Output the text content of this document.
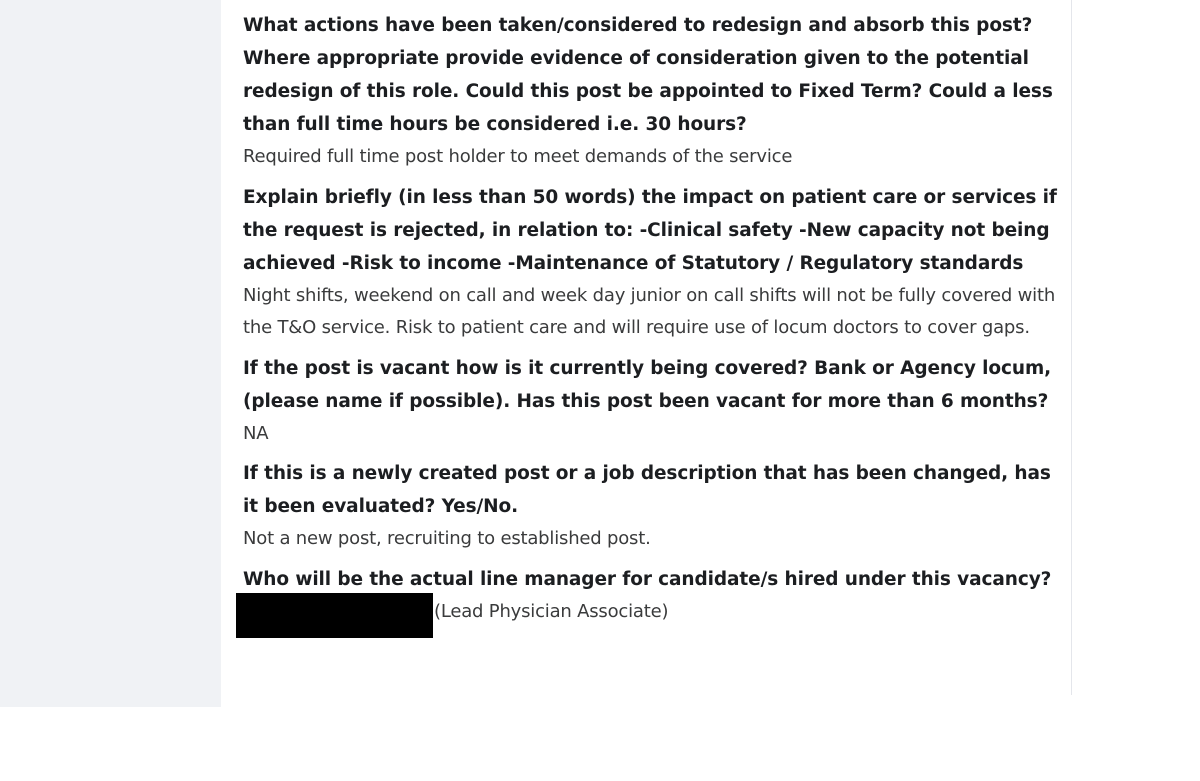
What actions have been taken/considered to redesign and absorb this post? Where appropriate provide evidence of consideration given to the potential redesign of this role. Could this post be appointed to Fixed Term? Could a less than full time hours be considered i.e. 30 hours?

Required full time post holder to meet demands of the service

Explain briefly (in less than 50 words) the impact on patient care or services if the request is rejected, in relation to: -Clinical safety -New capacity not being achieved -Risk to income -Maintenance of Statutory / Regulatory standards

Night shifts, weekend on call and week day junior on call shifts will not be fully covered with the T&O service. Risk to patient care and will require use of locum doctors to cover gaps.

If the post is vacant how is it currently being covered? Bank or Agency locum, (please name if possible). Has this post been vacant for more than 6 months?

NA

If this is a newly created post or a job description that has been changed, has it been evaluated? Yes/No.

Not a new post, recruiting to established post.

Who will be the actual line manager for candidate/s hired under this vacancy?

(Lead Physician Associate)
